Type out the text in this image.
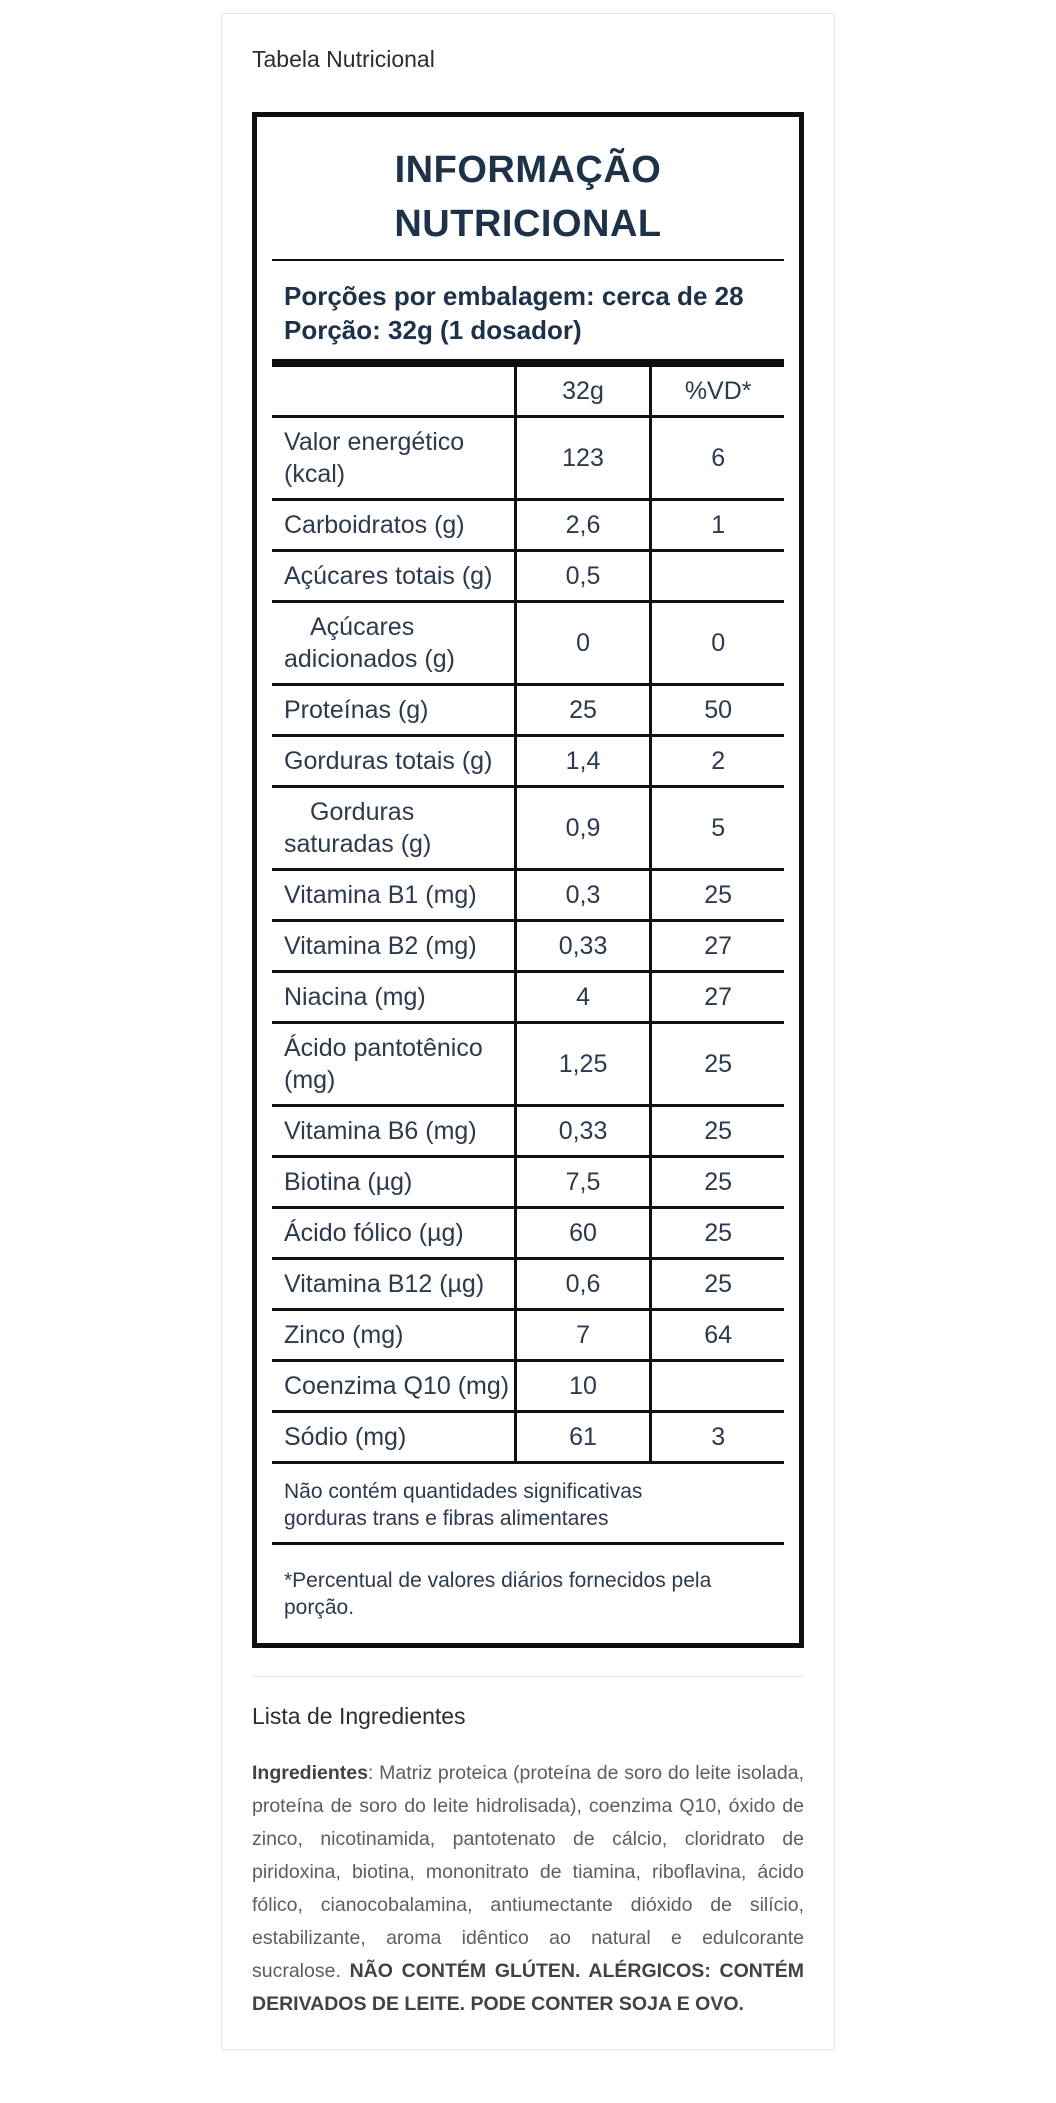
Tabela Nutricional
INFORMAÇÃO
NUTRICIONAL
Porções por embalagem: cerca de 28
Porção: 32g (1 dosador)
	32g	%VD*
Valor energético (kcal)	123	6
Carboidratos (g)	2,6	1
Açúcares totais (g)	0,5	
Açúcares adicionados (g)	0	0
Proteínas (g)	25	50
Gorduras totais (g)	1,4	2
Gorduras saturadas (g)	0,9	5
Vitamina B1 (mg)	0,3	25
Vitamina B2 (mg)	0,33	27
Niacina (mg)	4	27
Ácido pantotênico (mg)	1,25	25
Vitamina B6 (mg)	0,33	25
Biotina (µg)	7,5	25
Ácido fólico (µg)	60	25
Vitamina B12 (µg)	0,6	25
Zinco (mg)	7	64
Coenzima Q10 (mg)	10	
Sódio (mg)	61	3

Não contém quantidades significativas gorduras trans e fibras alimentares

*Percentual de valores diários fornecidos pela porção.

Lista de Ingredientes

Ingredientes: Matriz proteica (proteína de soro do leite isolada, proteína de soro do leite hidrolisada), coenzima Q10, óxido de zinco, nicotinamida, pantotenato de cálcio, cloridrato de piridoxina, biotina, mononitrato de tiamina, riboflavina, ácido fólico, cianocobalamina, antiumectante dióxido de silício, estabilizante, aroma idêntico ao natural e edulcorante sucralose. NÃO CONTÉM GLÚTEN. ALÉRGICOS: CONTÉM DERIVADOS DE LEITE. PODE CONTER SOJA E OVO.
